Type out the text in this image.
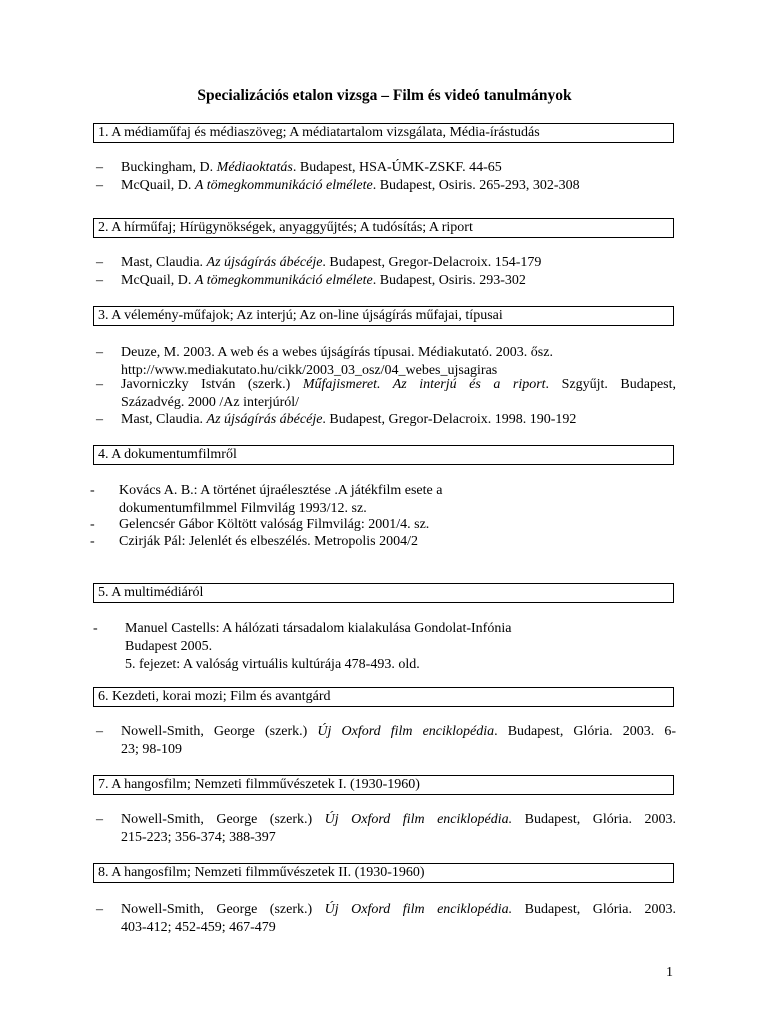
Specializációs etalon vizsga – Film és videó tanulmányok
1. A médiaműfaj és médiaszöveg; A médiatartalom vizsgálata, Média-írástudás
– Buckingham, D. Médiaoktatás. Budapest, HSA-ÚMK-ZSKF. 44-65
– McQuail, D. A tömegkommunikáció elmélete. Budapest, Osiris. 265-293, 302-308
2. A hírműfaj; Hírügynökségek, anyaggyűjtés; A tudósítás; A riport
– Mast, Claudia. Az újságírás ábécéje. Budapest, Gregor-Delacroix. 154-179
– McQuail, D. A tömegkommunikáció elmélete. Budapest, Osiris. 293-302
3. A vélemény-műfajok; Az interjú; Az on-line újságírás műfajai, típusai
– Deuze, M. 2003. A web és a webes újságírás típusai. Médiakutató. 2003. ősz.
http://www.mediakutato.hu/cikk/2003_03_osz/04_webes_ujsagiras
– Javorniczky István (szerk.) Műfajismeret. Az interjú és a riport. Szgyűjt. Budapest,
Századvég. 2000 /Az interjúról/
– Mast, Claudia. Az újságírás ábécéje. Budapest, Gregor-Delacroix. 1998. 190-192
4. A dokumentumfilmről
- Kovács A. B.: A történet újraélesztése .A játékfilm esete a
dokumentumfilmmel Filmvilág 1993/12. sz.
- Gelencsér Gábor Költött valóság Filmvilág: 2001/4. sz.
- Czirják Pál: Jelenlét és elbeszélés. Metropolis 2004/2
5. A multimédiáról
- Manuel Castells: A hálózati társadalom kialakulása Gondolat-Infónia
Budapest 2005.
5. fejezet: A valóság virtuális kultúrája 478-493. old.
6. Kezdeti, korai mozi; Film és avantgárd
– Nowell-Smith, George (szerk.) Új Oxford film enciklopédia. Budapest, Glória. 2003. 6-
23; 98-109
7. A hangosfilm; Nemzeti filmművészetek I. (1930-1960)
– Nowell-Smith, George (szerk.) Új Oxford film enciklopédia. Budapest, Glória. 2003.
215-223; 356-374; 388-397
8. A hangosfilm; Nemzeti filmművészetek II. (1930-1960)
– Nowell-Smith, George (szerk.) Új Oxford film enciklopédia. Budapest, Glória. 2003.
403-412; 452-459; 467-479
1
